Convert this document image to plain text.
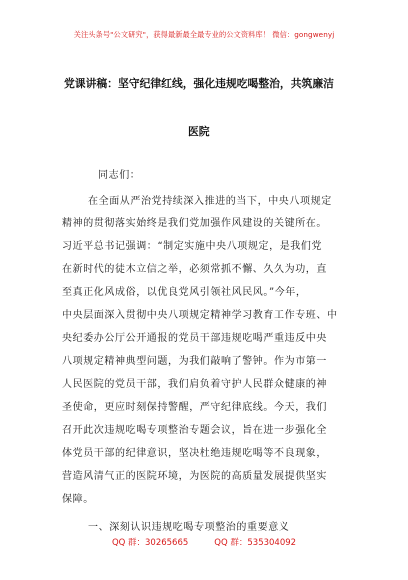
关注头条号"公文研究"，获得最新最全最专业的公文资料库！ 微信：gongwenyj
党课讲稿：坚守纪律红线，强化违规吃喝整治，共筑廉洁
医院
同志们：
在全面从严治党持续深入推进的当下，中央八项规定
精神的贯彻落实始终是我们党加强作风建设的关键所在。
习近平总书记强调：“制定实施中央八项规定，是我们党
在新时代的徒木立信之举，必须常抓不懈、久久为功，直
至真正化风成俗，以优良党风引领社风民风。”今年，
中央层面深入贯彻中央八项规定精神学习教育工作专班、中
央纪委办公厅公开通报的党员干部违规吃喝严重违反中央
八项规定精神典型问题，为我们敲响了警钟。作为市第一
人民医院的党员干部，我们肩负着守护人民群众健康的神
圣使命，更应时刻保持警醒，严守纪律底线。今天，我们
召开此次违规吃喝专项整治专题会议，旨在进一步强化全
体党员干部的纪律意识，坚决杜绝违规吃喝等不良现象，
营造风清气正的医院环境，为医院的高质量发展提供坚实
保障。
一、深刻认识违规吃喝专项整治的重要意义
QQ 群：30265665	QQ 群：535304092
